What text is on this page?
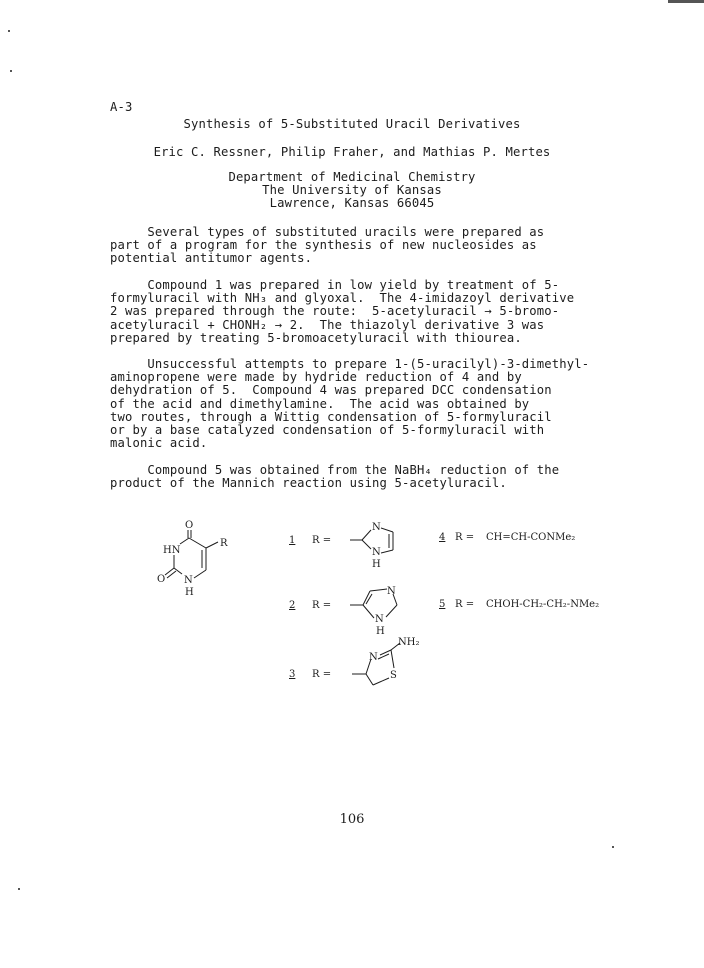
A-3
Synthesis of 5-Substituted Uracil Derivatives
Eric C. Ressner, Philip Fraher, and Mathias P. Mertes
Department of Medicinal Chemistry
The University of Kansas
Lawrence, Kansas 66045
Several types of substituted uracils were prepared as
part of a program for the synthesis of new nucleosides as
potential antitumor agents.
Compound 1 was prepared in low yield by treatment of 5-
formyluracil with NH₃ and glyoxal.  The 4-imidazoyl derivative
2 was prepared through the route:  5-acetyluracil → 5-bromo-
acetyluracil + CHONH₂ → 2.  The thiazolyl derivative 3 was
prepared by treating 5-bromoacetyluracil with thiourea.
Unsuccessful attempts to prepare 1-(5-uracilyl)-3-dimethyl-
aminopropene were made by hydride reduction of 4 and by
dehydration of 5.  Compound 4 was prepared DCC condensation
of the acid and dimethylamine.  The acid was obtained by
two routes, through a Wittig condensation of 5-formyluracil
or by a base catalyzed condensation of 5-formyluracil with
malonic acid.
Compound 5 was obtained from the NaBH₄ reduction of the
product of the Mannich reaction using 5-acetyluracil.
O
HN
R
O N
H
1 R =
N
N
H
4 R = CH=CH-CONMe₂
2 R =
N
N
H
5 R = CHOH-CH₂-CH₂-NMe₂
3 R =
N
S
NH₂
106
